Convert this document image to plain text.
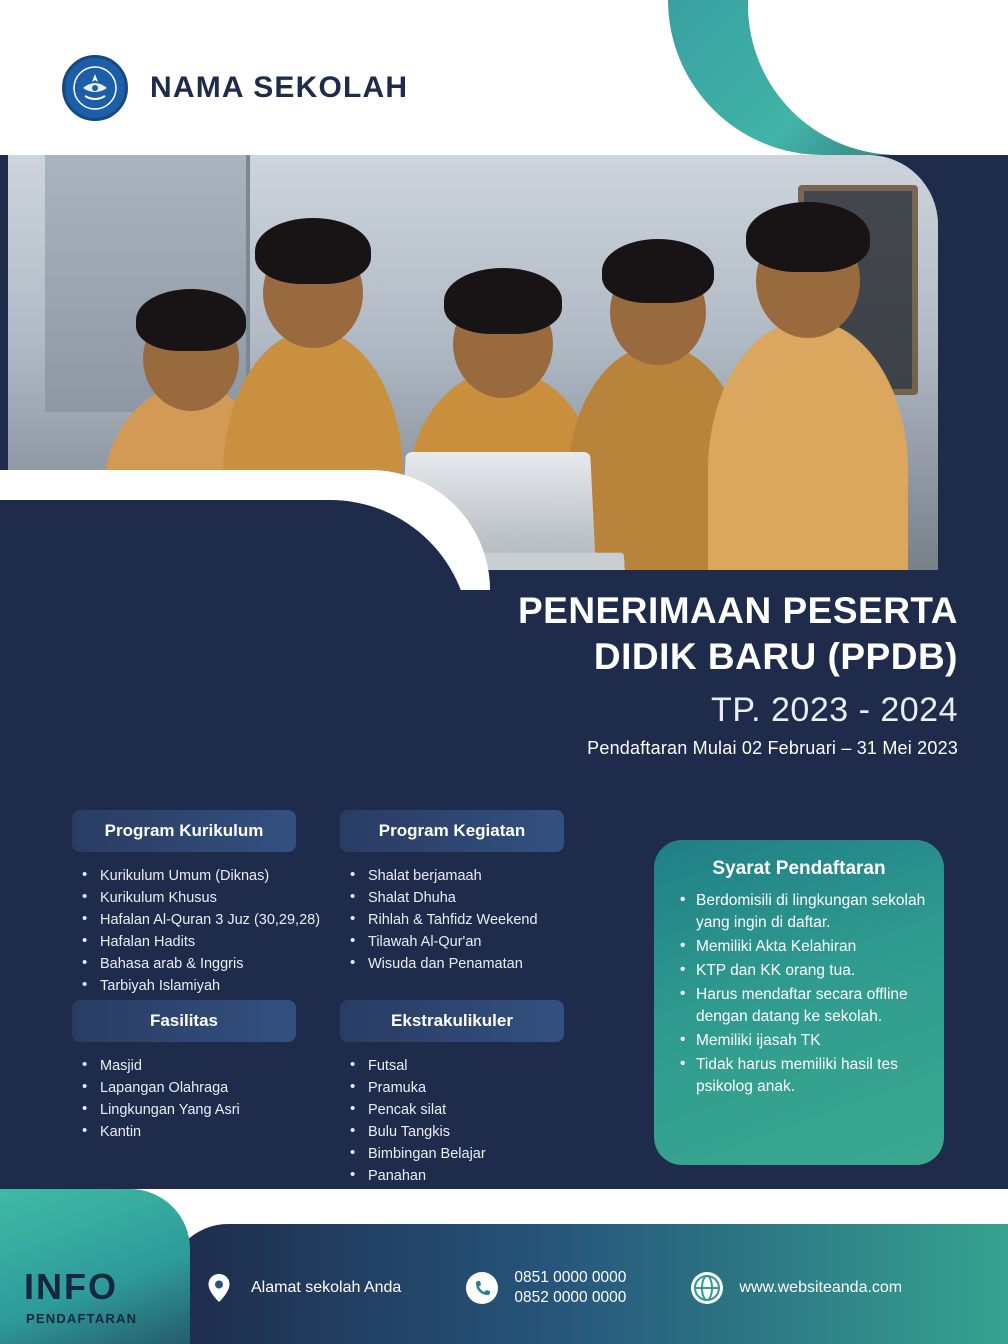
NAMA SEKOLAH
PENERIMAAN PESERTA
DIDIK BARU (PPDB)
TP. 2023 - 2024
Pendaftaran Mulai 02 Februari – 31 Mei 2023
Program Kurikulum
• Kurikulum Umum (Diknas)
• Kurikulum Khusus
• Hafalan Al-Quran 3 Juz (30,29,28)
• Hafalan Hadits
• Bahasa arab & Inggris
• Tarbiyah Islamiyah
Program Kegiatan
• Shalat berjamaah
• Shalat Dhuha
• Rihlah & Tahfidz Weekend
• Tilawah Al-Qur'an
• Wisuda dan Penamatan
Fasilitas
• Masjid
• Lapangan Olahraga
• Lingkungan Yang Asri
• Kantin
Ekstrakulikuler
• Futsal
• Pramuka
• Pencak silat
• Bulu Tangkis
• Bimbingan Belajar
• Panahan
Syarat Pendaftaran
• Berdomisili di lingkungan sekolah yang ingin di daftar.
• Memiliki Akta Kelahiran
• KTP dan KK orang tua.
• Harus mendaftar secara offline dengan datang ke sekolah.
• Memiliki ijasah TK
• Tidak harus memiliki hasil tes psikolog anak.
INFO
PENDAFTARAN
Alamat sekolah Anda
0851 0000 0000
0852 0000 0000
www.websiteanda.com
